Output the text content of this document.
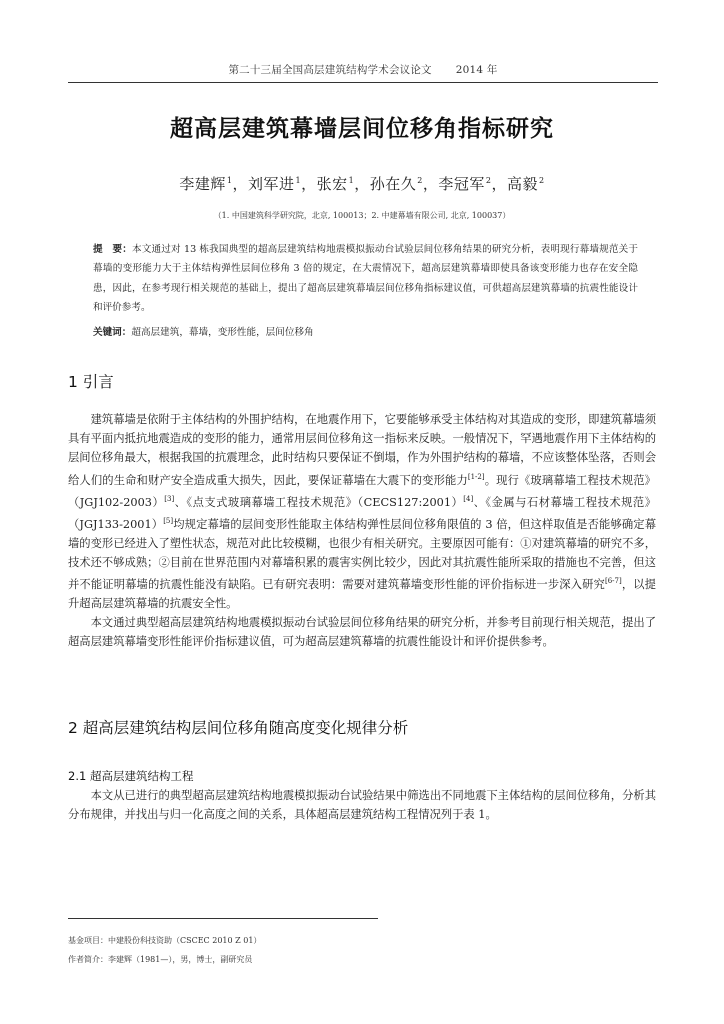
第二十三届全国高层建筑结构学术会议论文 2014 年
超高层建筑幕墙层间位移角指标研究
李建辉$^1$，刘军进$^1$，张宏$^1$，孙在久$^2$，李冠军$^2$，高毅$^2$
（1. 中国建筑科学研究院，北京, 100013；2. 中建幕墙有限公司, 北京, 100037）
提　要：本文通过对 13 栋我国典型的超高层建筑结构地震模拟振动台试验层间位移角结果的研究分析，表明现行幕墙规范关于幕墙的变形能力大于主体结构弹性层间位移角 3 倍的规定，在大震情况下，超高层建筑幕墙即使具备该变形能力也存在安全隐患，因此，在参考现行相关规范的基础上，提出了超高层建筑幕墙层间位移角指标建议值，可供超高层建筑幕墙的抗震性能设计和评价参考。
关键词：超高层建筑，幕墙，变形性能，层间位移角
1 引言

建筑幕墙是依附于主体结构的外围护结构，在地震作用下，它要能够承受主体结构对其造成的变形，即建筑幕墙须具有平面内抵抗地震造成的变形的能力，通常用层间位移角这一指标来反映。一般情况下，罕遇地震作用下主体结构的层间位移角最大，根据我国的抗震理念，此时结构只要保证不倒塌，作为外围护结构的幕墙，不应该整体坠落，否则会给人们的生命和财产安全造成重大损失，因此，要保证幕墙在大震下的变形能力[1-2]。现行《玻璃幕墙工程技术规范》（JGJ102-2003）[3]、《点支式玻璃幕墙工程技术规范》（CECS127:2001）[4]、《金属与石材幕墙工程技术规范》（JGJ133-2001）[5]均规定幕墙的层间变形性能取主体结构弹性层间位移角限值的 3 倍，但这样取值是否能够确定幕墙的变形已经进入了塑性状态，规范对此比较模糊，也很少有相关研究。主要原因可能有：①对建筑幕墙的研究不多，技术还不够成熟；②目前在世界范围内对幕墙积累的震害实例比较少，因此对其抗震性能所采取的措施也不完善，但这并不能证明幕墙的抗震性能没有缺陷。已有研究表明：需要对建筑幕墙变形性能的评价指标进一步深入研究[6-7]，以提升超高层建筑幕墙的抗震安全性。

本文通过典型超高层建筑结构地震模拟振动台试验层间位移角结果的研究分析，并参考目前现行相关规范，提出了超高层建筑幕墙变形性能评价指标建议值，可为超高层建筑幕墙的抗震性能设计和评价提供参考。

2 超高层建筑结构层间位移角随高度变化规律分析
2.1 超高层建筑结构工程

本文从已进行的典型超高层建筑结构地震模拟振动台试验结果中筛选出不同地震下主体结构的层间位移角，分析其分布规律，并找出与归一化高度之间的关系，具体超高层建筑结构工程情况列于表 1。

基金项目：中建股份科技资助（CSCEC 2010 Z 01）
作者简介：李建辉（1981—），男，博士，副研究员
